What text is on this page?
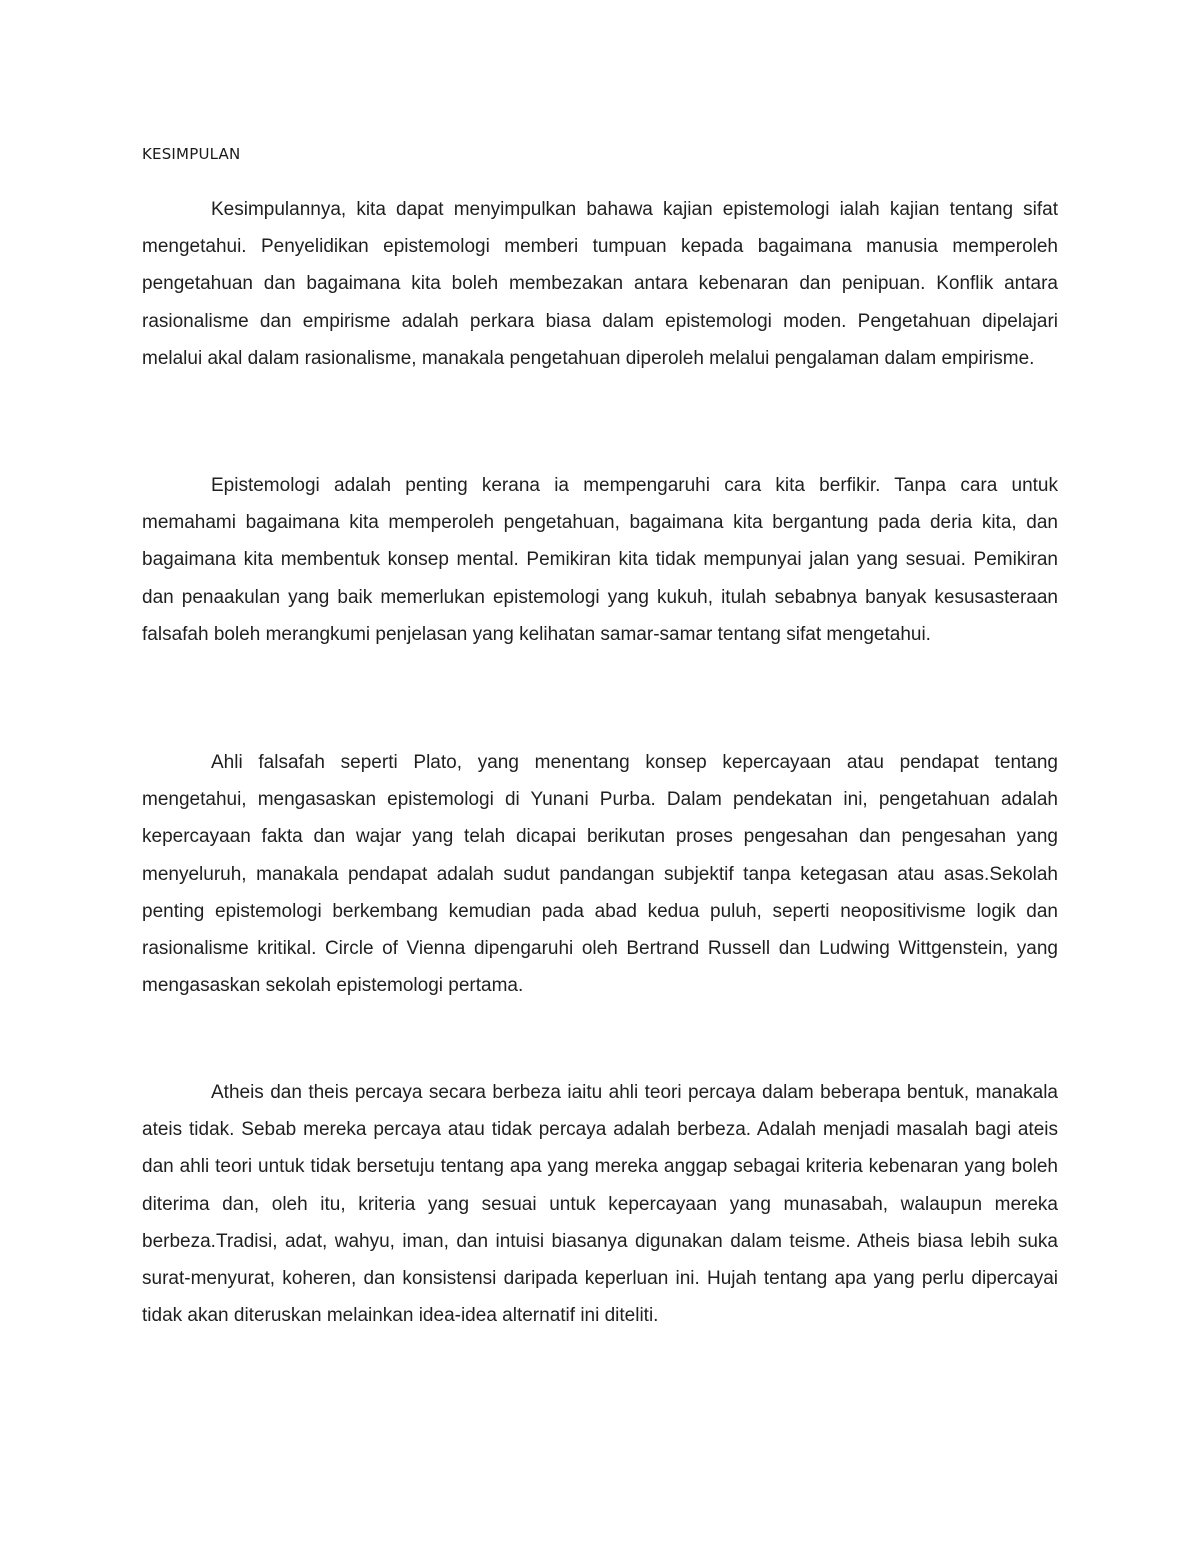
KESIMPULAN

Kesimpulannya, kita dapat menyimpulkan bahawa kajian epistemologi ialah kajian tentang sifat mengetahui. Penyelidikan epistemologi memberi tumpuan kepada bagaimana manusia memperoleh pengetahuan dan bagaimana kita boleh membezakan antara kebenaran dan penipuan. Konflik antara rasionalisme dan empirisme adalah perkara biasa dalam epistemologi moden. Pengetahuan dipelajari melalui akal dalam rasionalisme, manakala pengetahuan diperoleh melalui pengalaman dalam empirisme.

Epistemologi adalah penting kerana ia mempengaruhi cara kita berfikir. Tanpa cara untuk memahami bagaimana kita memperoleh pengetahuan, bagaimana kita bergantung pada deria kita, dan bagaimana kita membentuk konsep mental. Pemikiran kita tidak mempunyai jalan yang sesuai. Pemikiran dan penaakulan yang baik memerlukan epistemologi yang kukuh, itulah sebabnya banyak kesusasteraan falsafah boleh merangkumi penjelasan yang kelihatan samar-samar tentang sifat mengetahui.

Ahli falsafah seperti Plato, yang menentang konsep kepercayaan atau pendapat tentang mengetahui, mengasaskan epistemologi di Yunani Purba. Dalam pendekatan ini, pengetahuan adalah kepercayaan fakta dan wajar yang telah dicapai berikutan proses pengesahan dan pengesahan yang menyeluruh, manakala pendapat adalah sudut pandangan subjektif tanpa ketegasan atau asas.Sekolah penting epistemologi berkembang kemudian pada abad kedua puluh, seperti neopositivisme logik dan rasionalisme kritikal. Circle of Vienna dipengaruhi oleh Bertrand Russell dan Ludwing Wittgenstein, yang mengasaskan sekolah epistemologi pertama.

Atheis dan theis percaya secara berbeza iaitu ahli teori percaya dalam beberapa bentuk, manakala ateis tidak. Sebab mereka percaya atau tidak percaya adalah berbeza. Adalah menjadi masalah bagi ateis dan ahli teori untuk tidak bersetuju tentang apa yang mereka anggap sebagai kriteria kebenaran yang boleh diterima dan, oleh itu, kriteria yang sesuai untuk kepercayaan yang munasabah, walaupun mereka berbeza.Tradisi, adat, wahyu, iman, dan intuisi biasanya digunakan dalam teisme. Atheis biasa lebih suka surat-menyurat, koheren, dan konsistensi daripada keperluan ini. Hujah tentang apa yang perlu dipercayai tidak akan diteruskan melainkan idea-idea alternatif ini diteliti.
